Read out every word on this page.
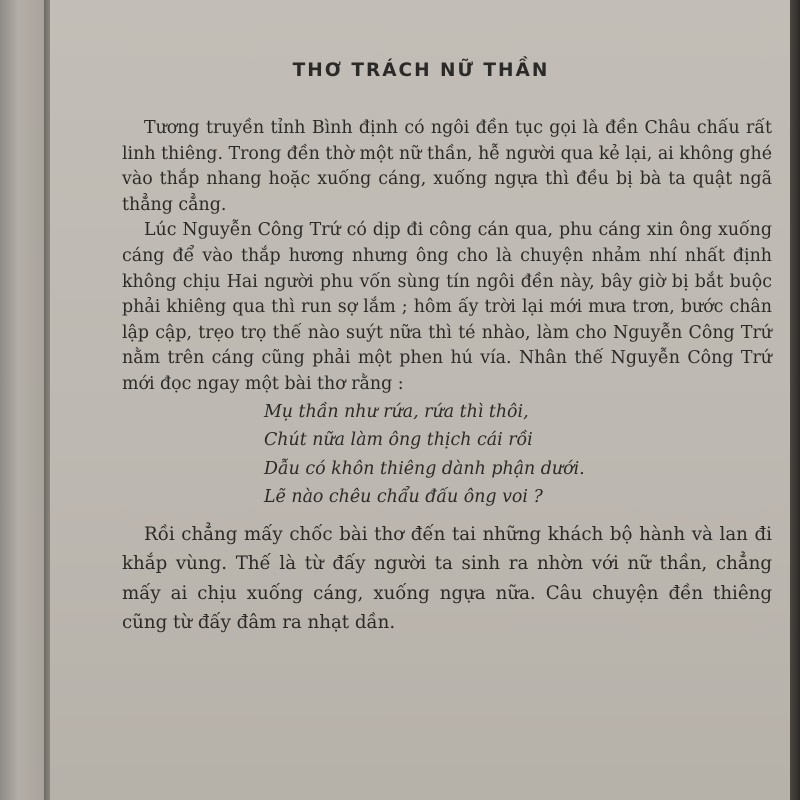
THƠ TRÁCH NỮ THẦN

Tương truyền tỉnh Bình định có ngôi đền tục gọi là đền Châu chấu rất linh thiêng. Trong đền thờ một nữ thần, hễ người qua kẻ lại, ai không ghé vào thắp nhang hoặc xuống cáng, xuống ngựa thì đều bị bà ta quật ngã thẳng cẳng.

Lúc Nguyễn Công Trứ có dịp đi công cán qua, phu cáng xin ông xuống cáng để vào thắp hương nhưng ông cho là chuyện nhảm nhí nhất định không chịu Hai người phu vốn sùng tín ngôi đền này, bây giờ bị bắt buộc phải khiêng qua thì run sợ lắm ; hôm ấy trời lại mới mưa trơn, bước chân lập cập, trẹo trọ thế nào suýt nữa thì té nhào, làm cho Nguyễn Công Trứ nằm trên cáng cũng phải một phen hú vía. Nhân thế Nguyễn Công Trứ mới đọc ngay một bài thơ rằng :

Mụ thần như rứa, rứa thì thôi,
Chút nữa làm ông thịch cái rồi
Dẫu có khôn thiêng dành phận dưới.
Lẽ nào chêu chẩu đấu ông voi ?

Rồi chẳng mấy chốc bài thơ đến tai những khách bộ hành và lan đi khắp vùng. Thế là từ đấy người ta sinh ra nhờn với nữ thần, chẳng mấy ai chịu xuống cáng, xuống ngựa nữa. Câu chuyện đền thiêng cũng từ đấy đâm ra nhạt dần.
